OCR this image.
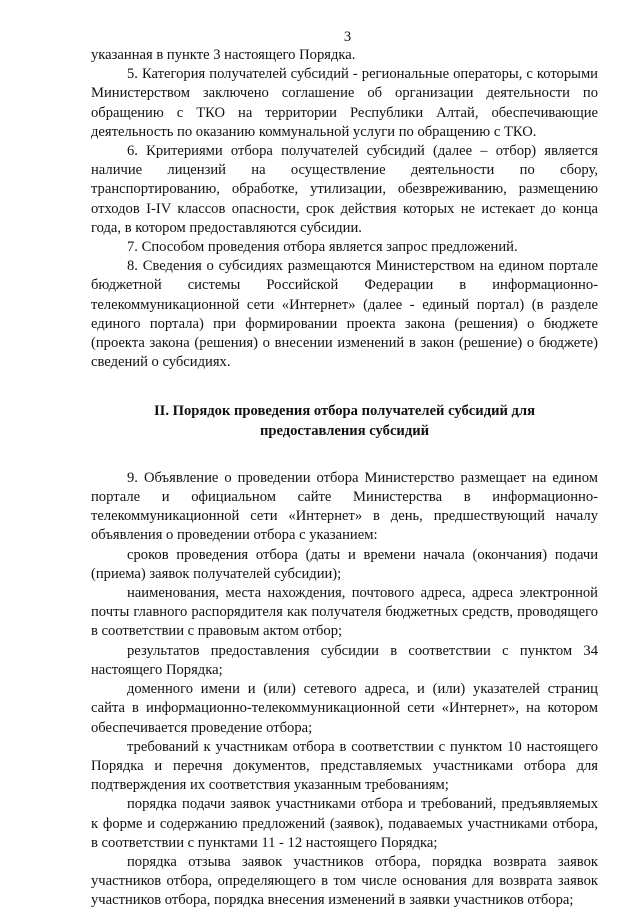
3

указанная в пункте 3 настоящего Порядка.

5. Категория получателей субсидий - региональные операторы, с которыми Министерством заключено соглашение об организации деятельности по обращению с ТКО на территории Республики Алтай, обеспечивающие деятельность по оказанию коммунальной услуги по обращению с ТКО.

6. Критериями отбора получателей субсидий (далее – отбор) является наличие лицензий на осуществление деятельности по сбору, транспортированию, обработке, утилизации, обезвреживанию, размещению отходов I-IV классов опасности, срок действия которых не истекает до конца года, в котором предоставляются субсидии.

7. Способом проведения отбора является запрос предложений.

8. Сведения о субсидиях размещаются Министерством на едином портале бюджетной системы Российской Федерации в информационно-телекоммуникационной сети «Интернет» (далее - единый портал) (в разделе единого портала) при формировании проекта закона (решения) о бюджете (проекта закона (решения) о внесении изменений в закон (решение) о бюджете) сведений о субсидиях.

II. Порядок проведения отбора получателей субсидий для
предоставления субсидий

9. Объявление о проведении отбора Министерство размещает на едином портале и официальном сайте Министерства в информационно-телекоммуникационной сети «Интернет» в день, предшествующий началу объявления о проведении отбора с указанием:

сроков проведения отбора (даты и времени начала (окончания) подачи (приема) заявок получателей субсидии);

наименования, места нахождения, почтового адреса, адреса электронной почты главного распорядителя как получателя бюджетных средств, проводящего в соответствии с правовым актом отбор;

результатов предоставления субсидии в соответствии с пунктом 34 настоящего Порядка;

доменного имени и (или) сетевого адреса, и (или) указателей страниц сайта в информационно-телекоммуникационной сети «Интернет», на котором обеспечивается проведение отбора;

требований к участникам отбора в соответствии с пунктом 10 настоящего Порядка и перечня документов, представляемых участниками отбора для подтверждения их соответствия указанным требованиям;

порядка подачи заявок участниками отбора и требований, предъявляемых к форме и содержанию предложений (заявок), подаваемых участниками отбора, в соответствии с пунктами 11 - 12 настоящего Порядка;

порядка отзыва заявок участников отбора, порядка возврата заявок участников отбора, определяющего в том числе основания для возврата заявок участников отбора, порядка внесения изменений в заявки участников отбора;
